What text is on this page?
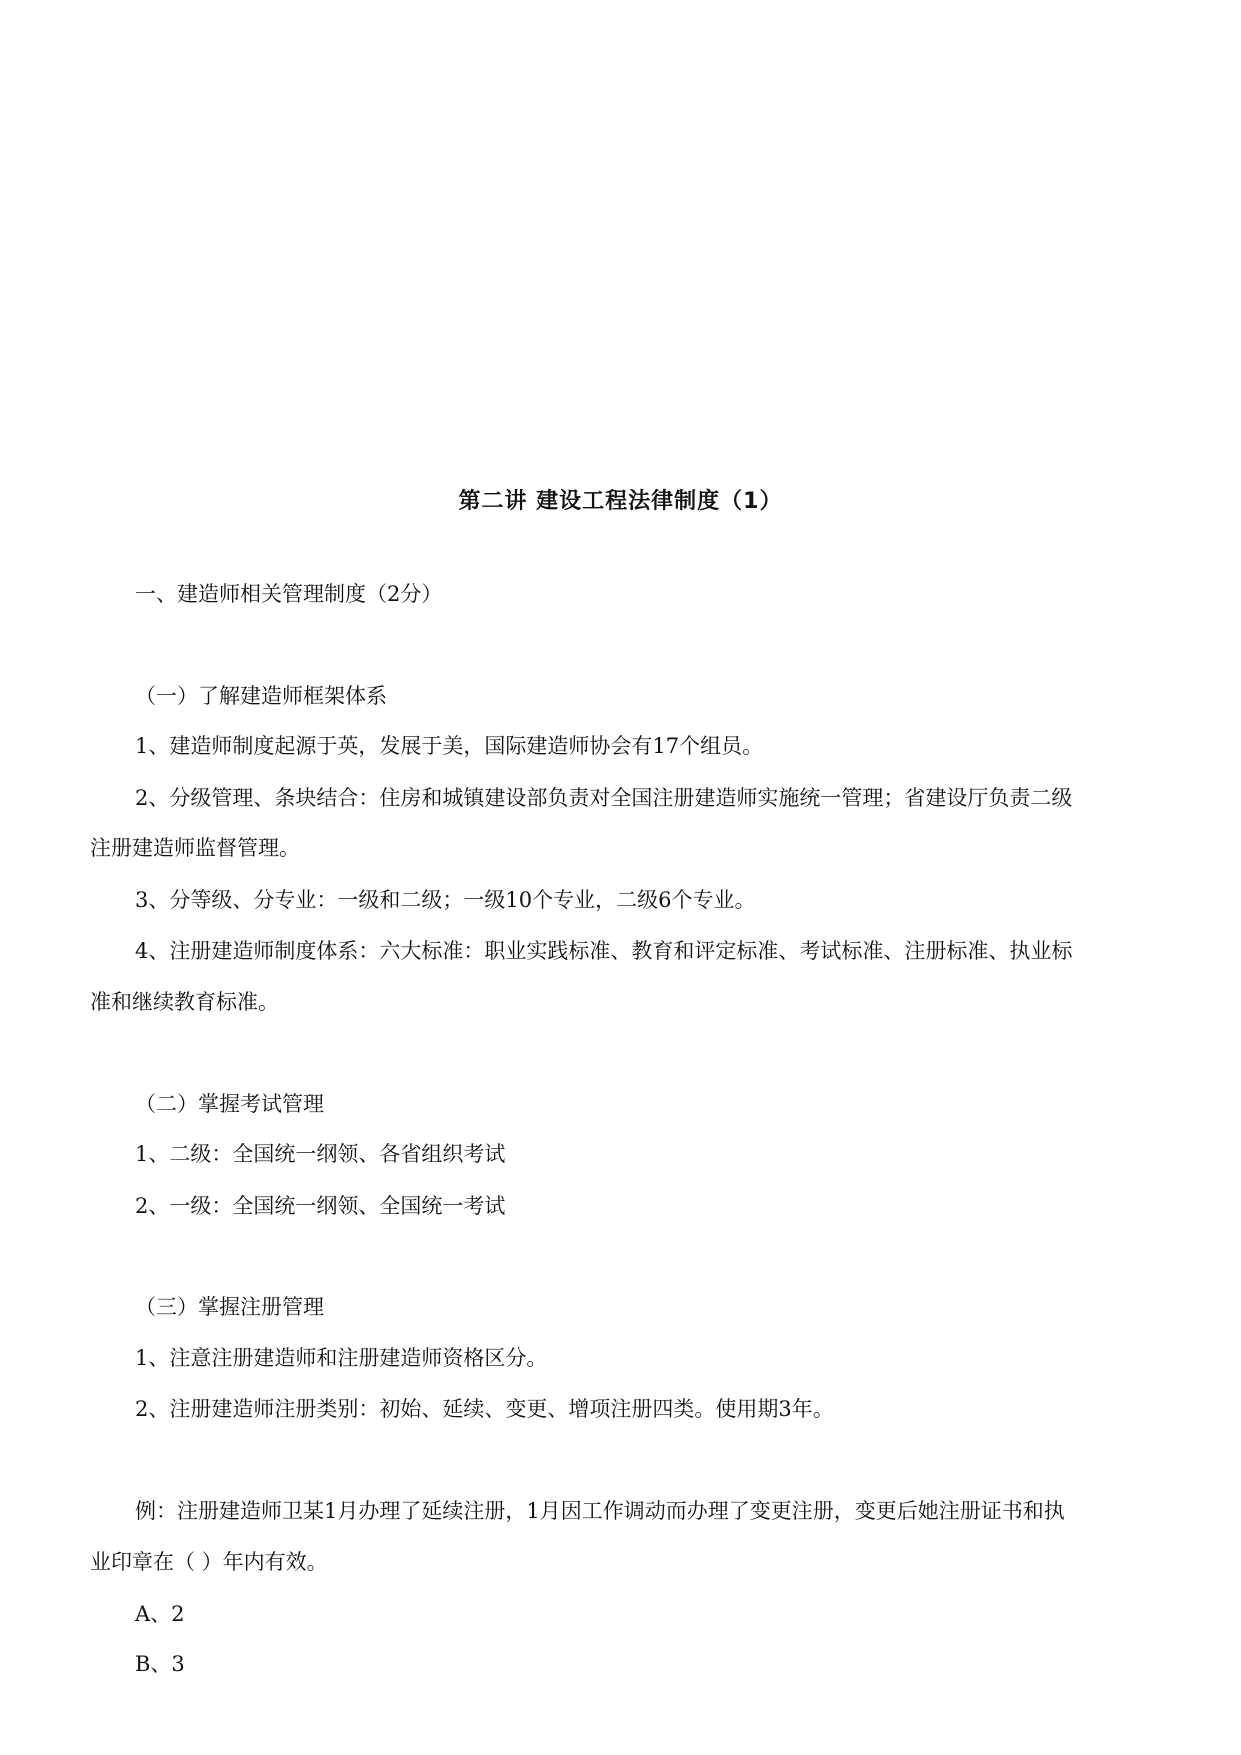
第二讲 建设工程法律制度（1）
一、建造师相关管理制度（2分）
（一）了解建造师框架体系
1、建造师制度起源于英，发展于美，国际建造师协会有17个组员。
2、分级管理、条块结合：住房和城镇建设部负责对全国注册建造师实施统一管理；省建设厅负责二级
注册建造师监督管理。
3、分等级、分专业：一级和二级；一级10个专业，二级6个专业。
4、注册建造师制度体系：六大标准：职业实践标准、教育和评定标准、考试标准、注册标准、执业标
准和继续教育标准。
（二）掌握考试管理
1、二级：全国统一纲领、各省组织考试
2、一级：全国统一纲领、全国统一考试
（三）掌握注册管理
1、注意注册建造师和注册建造师资格区分。
2、注册建造师注册类别：初始、延续、变更、增项注册四类。使用期3年。
例：注册建造师卫某1月办理了延续注册，1月因工作调动而办理了变更注册，变更后她注册证书和执
业印章在（ ）年内有效。
A、2
B、3
